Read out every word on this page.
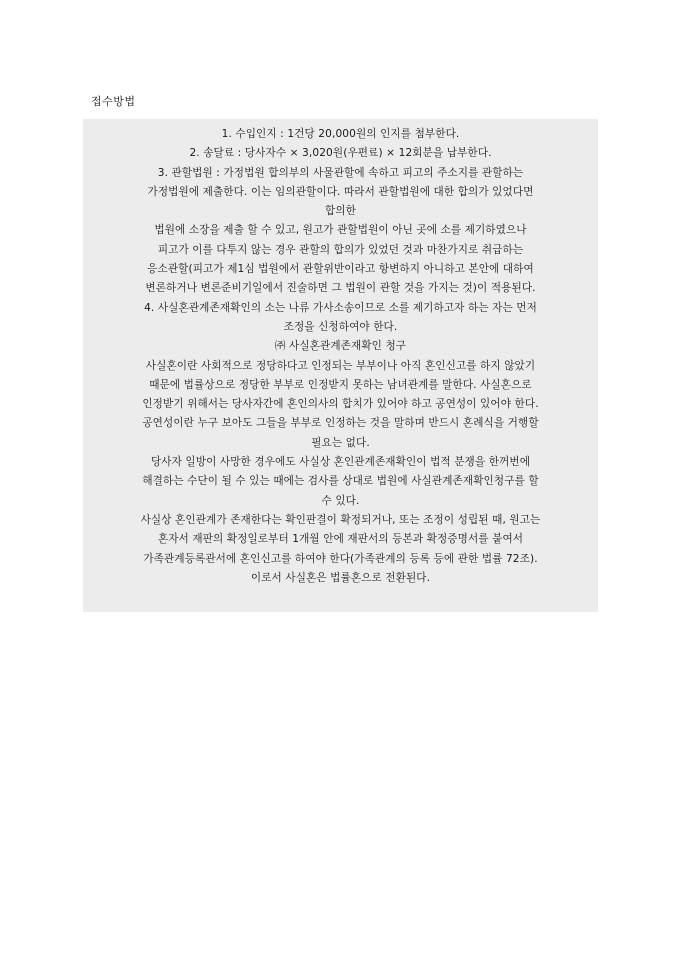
접수방법
1. 수입인지 : 1건당 20,000원의 인지를 첨부한다.
2. 송달료 : 당사자수 × 3,020원(우편료) × 12회분을 납부한다.
3. 관할법원 : 가정법원 합의부의 사물관할에 속하고 피고의 주소지를 관할하는
가정법원에 제출한다. 이는 임의관할이다. 따라서 관할법원에 대한 합의가 있었다면
합의한
법원에 소장을 제출 할 수 있고, 원고가 관할법원이 아닌 곳에 소를 제기하였으나
피고가 이를 다투지 않는 경우 관할의 합의가 있었던 것과 마찬가지로 취급하는
응소관할(피고가 제1심 법원에서 관할위반이라고 항변하지 아니하고 본안에 대하여
변론하거나 변론준비기일에서 진술하면 그 법원이 관할 것을 가지는 것)이 적용된다.
4. 사실혼관계존재확인의 소는 나류 가사소송이므로 소를 제기하고자 하는 자는 먼저
조정을 신청하여야 한다.
㈜ 사실혼관계존재확인 청구
사실혼이란 사회적으로 정당하다고 인정되는 부부이나 아직 혼인신고를 하지 않았기
때문에 법률상으로 정당한 부부로 인정받지 못하는 남녀관계를 말한다. 사실혼으로
인정받기 위해서는 당사자간에 혼인의사의 합치가 있어야 하고 공연성이 있어야 한다.
공연성이란 누구 보아도 그들을 부부로 인정하는 것을 말하며 반드시 혼례식을 거행할
필요는 없다.
당사자 일방이 사망한 경우에도 사실상 혼인관계존재확인이 법적 분쟁을 한꺼번에
해결하는 수단이 될 수 있는 때에는 검사를 상대로 법원에 사실관계존재확인청구를 할
수 있다.
사실상 혼인관계가 존재한다는 확인판결이 확정되거나, 또는 조정이 성립된 때, 원고는
혼자서 재판의 확정일로부터 1개월 안에 재판서의 등본과 확정증명서를 붙여서
가족관계등록관서에 혼인신고를 하여야 한다(가족관계의 등록 등에 관한 법률 72조).
이로서 사실혼은 법률혼으로 전환된다.
